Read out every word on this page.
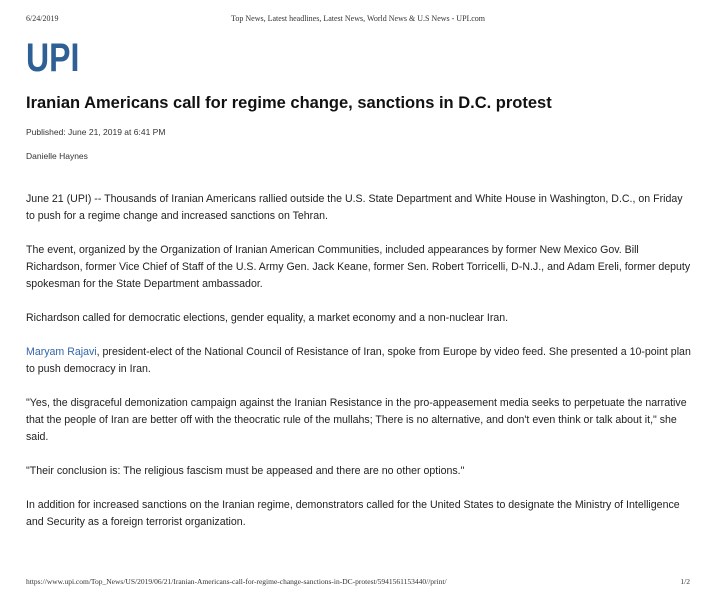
6/24/2019	Top News, Latest headlines, Latest News, World News & U.S News - UPI.com
UPI
Iranian Americans call for regime change, sanctions in D.C. protest
Published: June 21, 2019 at 6:41 PM
Danielle Haynes

June 21 (UPI) -- Thousands of Iranian Americans rallied outside the U.S. State Department and White House in Washington, D.C., on Friday to push for a regime change and increased sanctions on Tehran.

The event, organized by the Organization of Iranian American Communities, included appearances by former New Mexico Gov. Bill Richardson, former Vice Chief of Staff of the U.S. Army Gen. Jack Keane, former Sen. Robert Torricelli, D-N.J., and Adam Ereli, former deputy spokesman for the State Department ambassador.

Richardson called for democratic elections, gender equality, a market economy and a non-nuclear Iran.

Maryam Rajavi, president-elect of the National Council of Resistance of Iran, spoke from Europe by video feed. She presented a 10-point plan to push democracy in Iran.

"Yes, the disgraceful demonization campaign against the Iranian Resistance in the pro-appeasement media seeks to perpetuate the narrative that the people of Iran are better off with the theocratic rule of the mullahs; There is no alternative, and don't even think or talk about it," she said.

"Their conclusion is: The religious fascism must be appeased and there are no other options."

In addition for increased sanctions on the Iranian regime, demonstrators called for the United States to designate the Ministry of Intelligence and Security as a foreign terrorist organization.

https://www.upi.com/Top_News/US/2019/06/21/Iranian-Americans-call-for-regime-change-sanctions-in-DC-protest/5941561153440//print/	1/2
